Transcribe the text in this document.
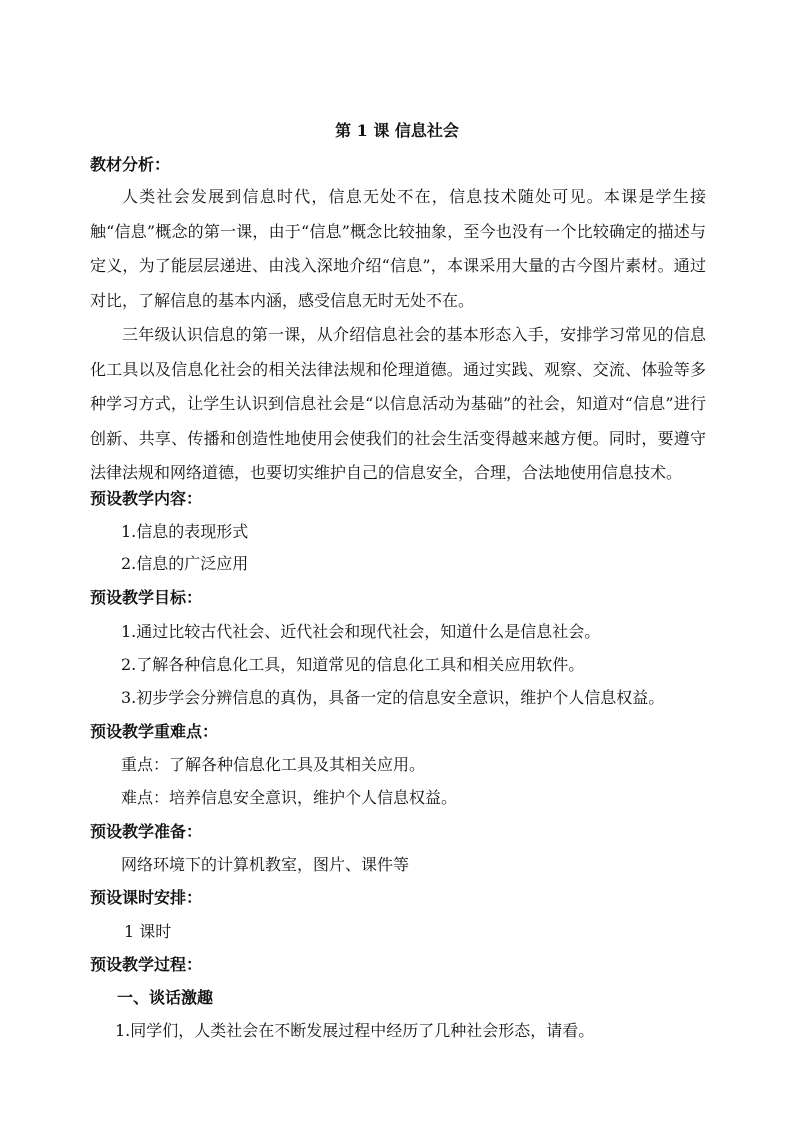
第 1 课 信息社会
教材分析：
人类社会发展到信息时代，信息无处不在，信息技术随处可见。本课是学生接触“信息”概念的第一课，由于“信息”概念比较抽象，至今也没有一个比较确定的描述与定义，为了能层层递进、由浅入深地介绍“信息”，本课采用大量的古今图片素材。通过对比，了解信息的基本内涵，感受信息无时无处不在。
三年级认识信息的第一课，从介绍信息社会的基本形态入手，安排学习常见的信息化工具以及信息化社会的相关法律法规和伦理道德。通过实践、观察、交流、体验等多种学习方式，让学生认识到信息社会是“以信息活动为基础”的社会，知道对“信息”进行创新、共享、传播和创造性地使用会使我们的社会生活变得越来越方便。同时，要遵守法律法规和网络道德，也要切实维护自己的信息安全，合理，合法地使用信息技术。
预设教学内容：
1.信息的表现形式
2.信息的广泛应用
预设教学目标：
1.通过比较古代社会、近代社会和现代社会，知道什么是信息社会。
2.了解各种信息化工具，知道常见的信息化工具和相关应用软件。
3.初步学会分辨信息的真伪，具备一定的信息安全意识，维护个人信息权益。
预设教学重难点：
重点：了解各种信息化工具及其相关应用。
难点：培养信息安全意识，维护个人信息权益。
预设教学准备：
网络环境下的计算机教室，图片、课件等
预设课时安排：
1 课时
预设教学过程：
一、谈话激趣
1.同学们，人类社会在不断发展过程中经历了几种社会形态，请看。
